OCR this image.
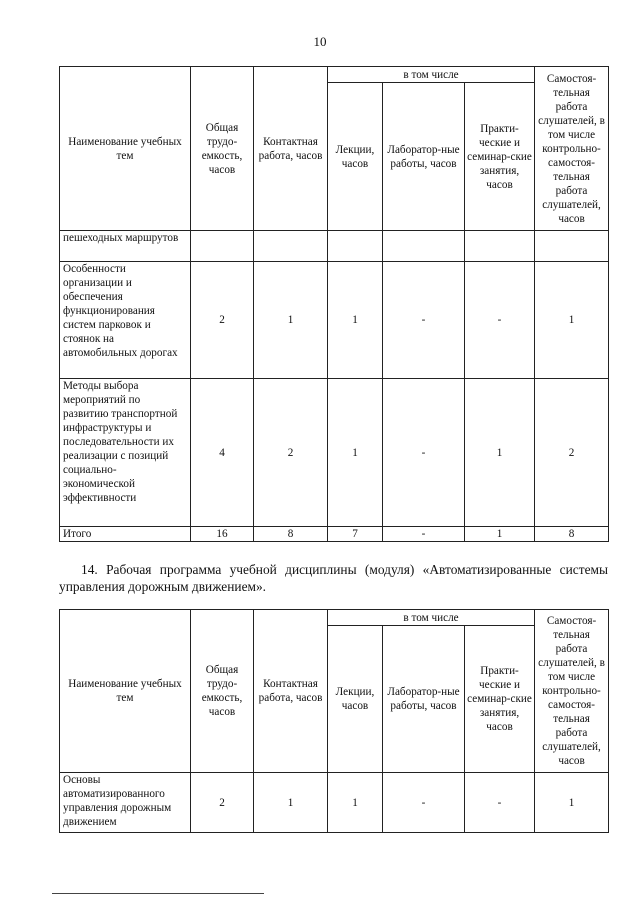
10
Наименование учебных тем	Общая трудо-емкость, часов	Контактная работа, часов	в том числе			Самостоя-тельная работа слушателей, в том числе контрольно-самостоя-тельная работа слушателей, часов
			Лекции, часов	Лаборатор-ные работы, часов	Практи-ческие и семинар-ские занятия, часов	
пешеходных маршрутов						
Особенности организации и обеспечения функционирования систем парковок и стоянок на автомобильных дорогах	2	1	1	-	-	1
Методы выбора мероприятий по развитию транспортной инфраструктуры и последовательности их реализации с позиций социально-экономической эффективности	4	2	1	-	1	2
Итого	16	8	7	-	1	8
14. Рабочая программа учебной дисциплины (модуля) «Автоматизированные системы управления дорожным движением».
Наименование учебных тем	Общая трудо-емкость, часов	Контактная работа, часов	в том числе			Самостоя-тельная работа слушателей, в том числе контрольно-самостоя-тельная работа слушателей, часов
			Лекции, часов	Лаборатор-ные работы, часов	Практи-ческие и семинар-ские занятия, часов	
Основы автоматизированного управления дорожным движением	2	1	1	-	-	1
